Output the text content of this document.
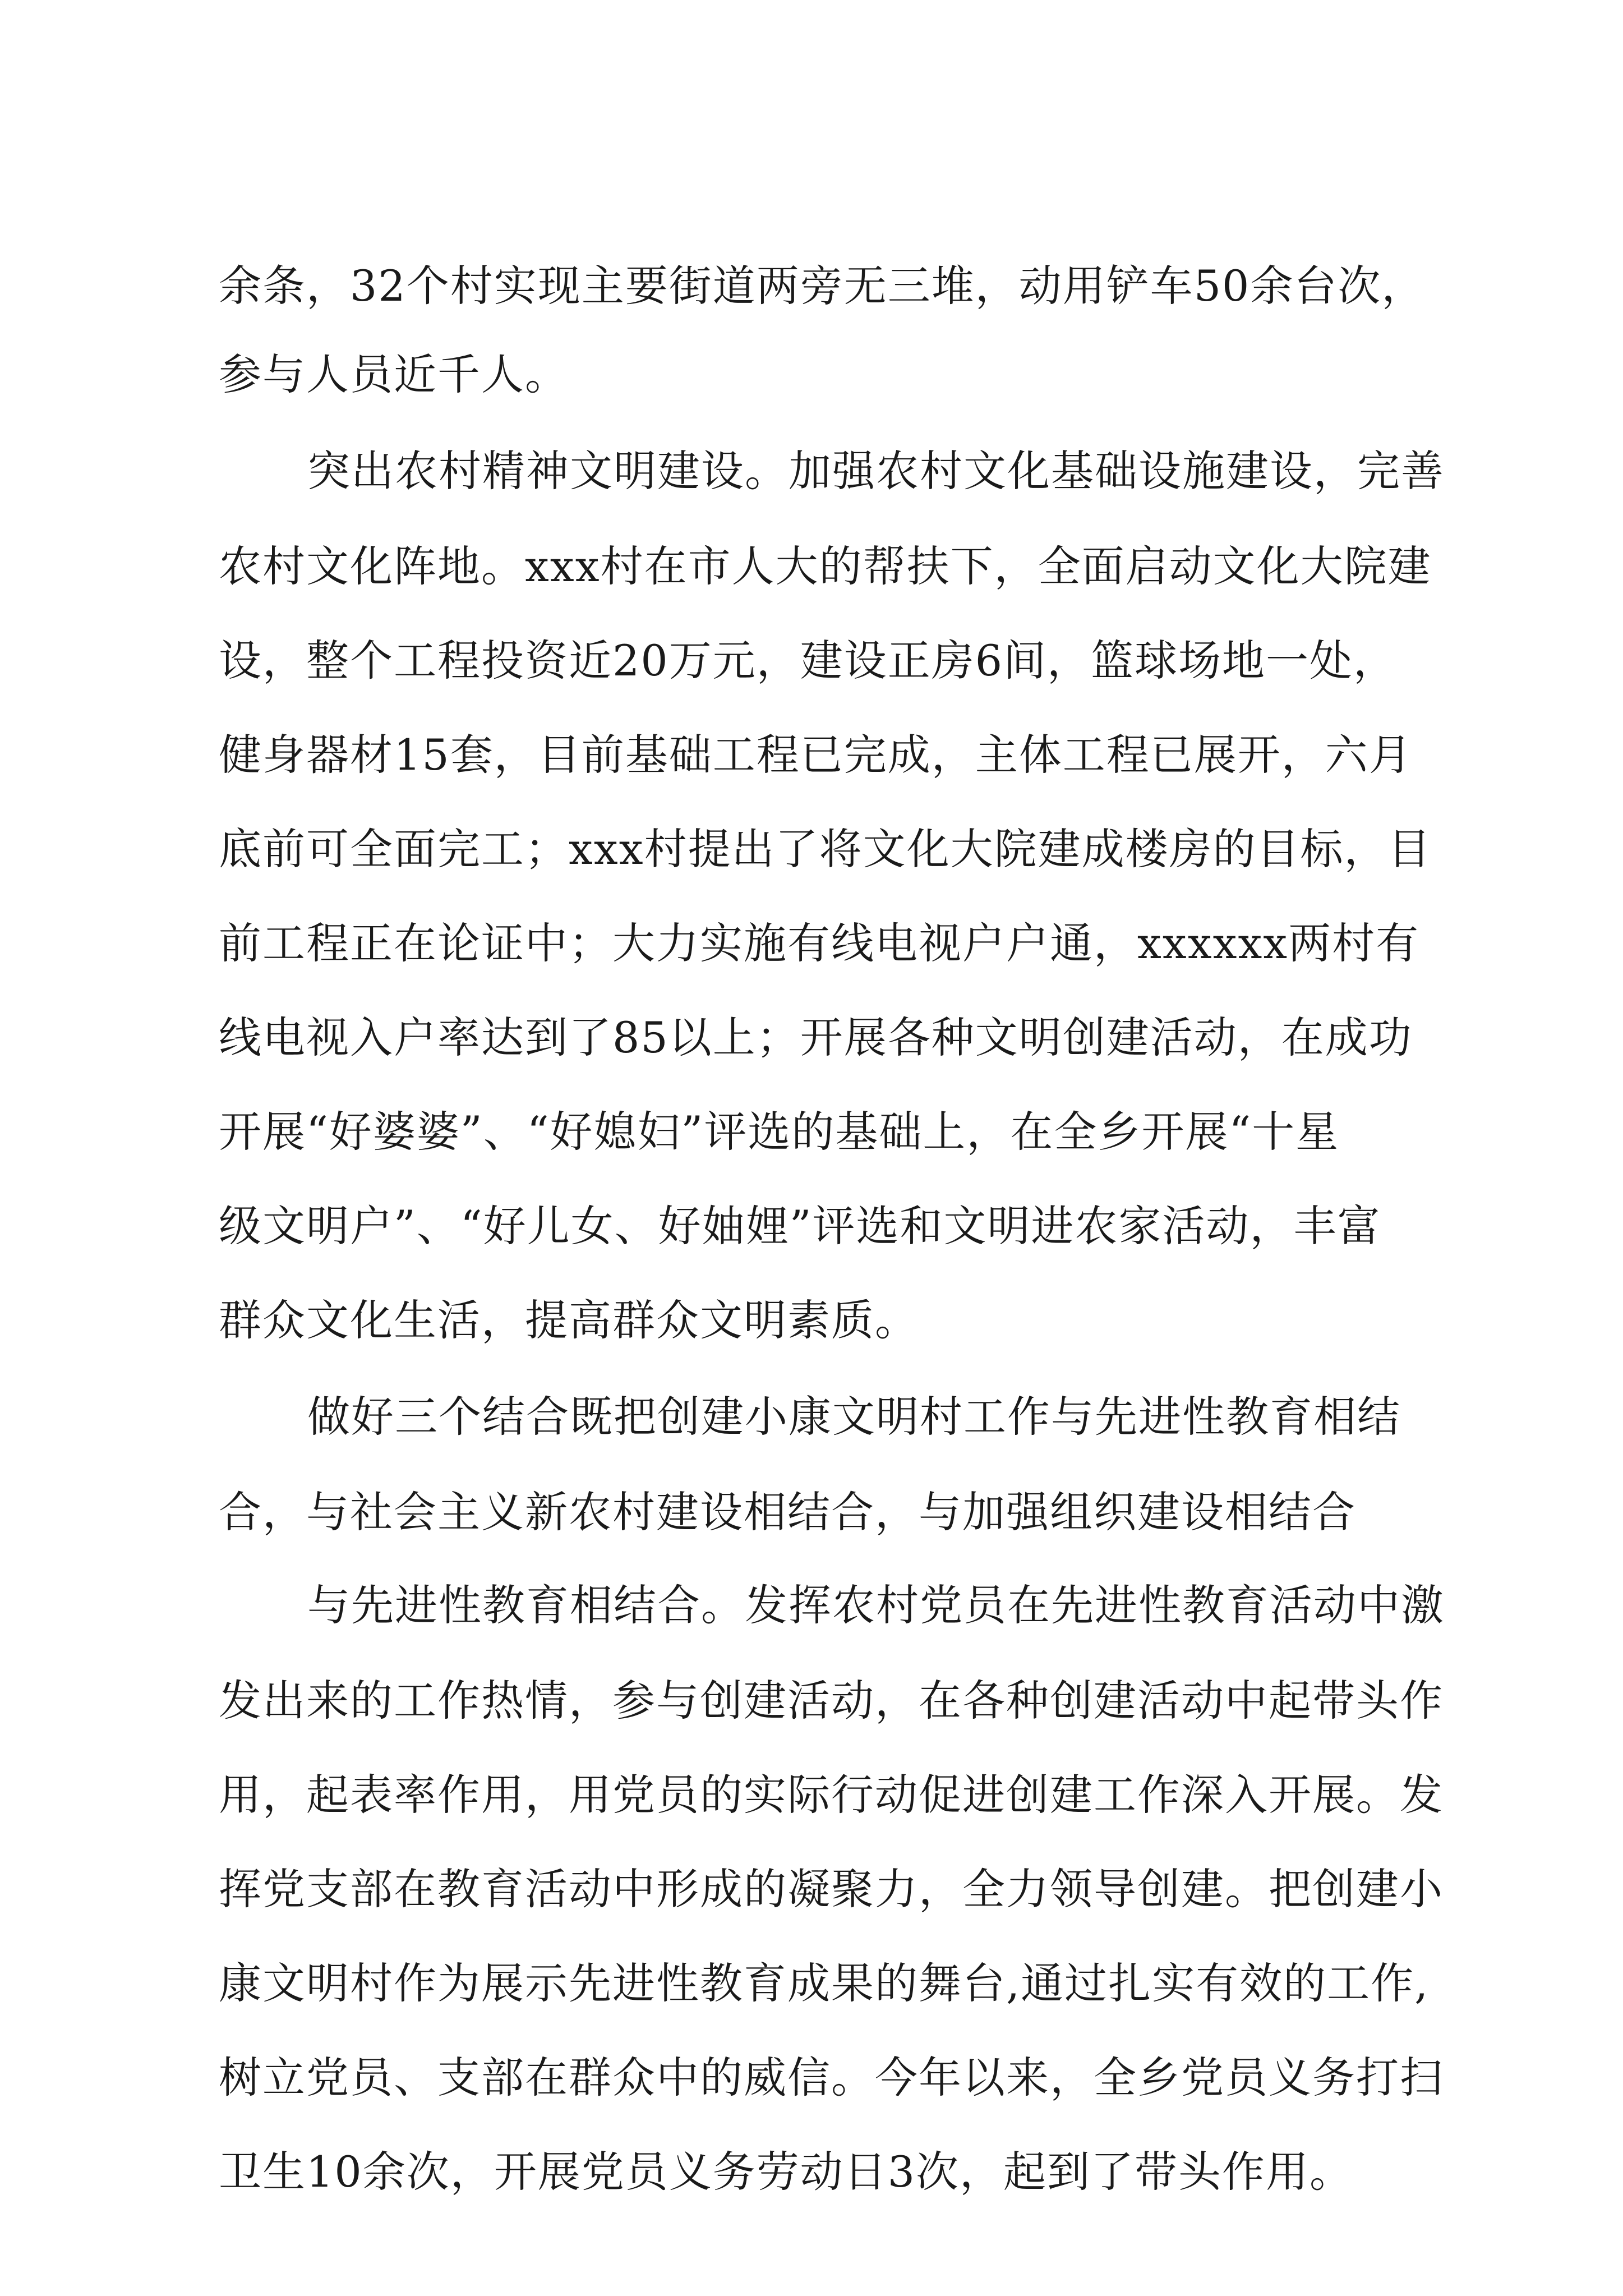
余条，32个村实现主要街道两旁无三堆，动用铲车50余台次，
参与人员近千人。
突出农村精神文明建设。加强农村文化基础设施建设，完善
农村文化阵地。xxx村在市人大的帮扶下，全面启动文化大院建
设，整个工程投资近20万元，建设正房6间，篮球场地一处，
健身器材15套，目前基础工程已完成，主体工程已展开，六月
底前可全面完工；xxx村提出了将文化大院建成楼房的目标，目
前工程正在论证中；大力实施有线电视户户通，xxxxxx两村有
线电视入户率达到了85以上；开展各种文明创建活动，在成功
开展“好婆婆”、“好媳妇”评选的基础上，在全乡开展“十星
级文明户”、“好儿女、好妯娌”评选和文明进农家活动，丰富
群众文化生活，提高群众文明素质。
做好三个结合既把创建小康文明村工作与先进性教育相结
合，与社会主义新农村建设相结合，与加强组织建设相结合
与先进性教育相结合。发挥农村党员在先进性教育活动中激
发出来的工作热情，参与创建活动，在各种创建活动中起带头作
用，起表率作用，用党员的实际行动促进创建工作深入开展。发
挥党支部在教育活动中形成的凝聚力，全力领导创建。把创建小
康文明村作为展示先进性教育成果的舞台,通过扎实有效的工作,
树立党员、支部在群众中的威信。今年以来，全乡党员义务打扫
卫生10余次，开展党员义务劳动日3次，起到了带头作用。
